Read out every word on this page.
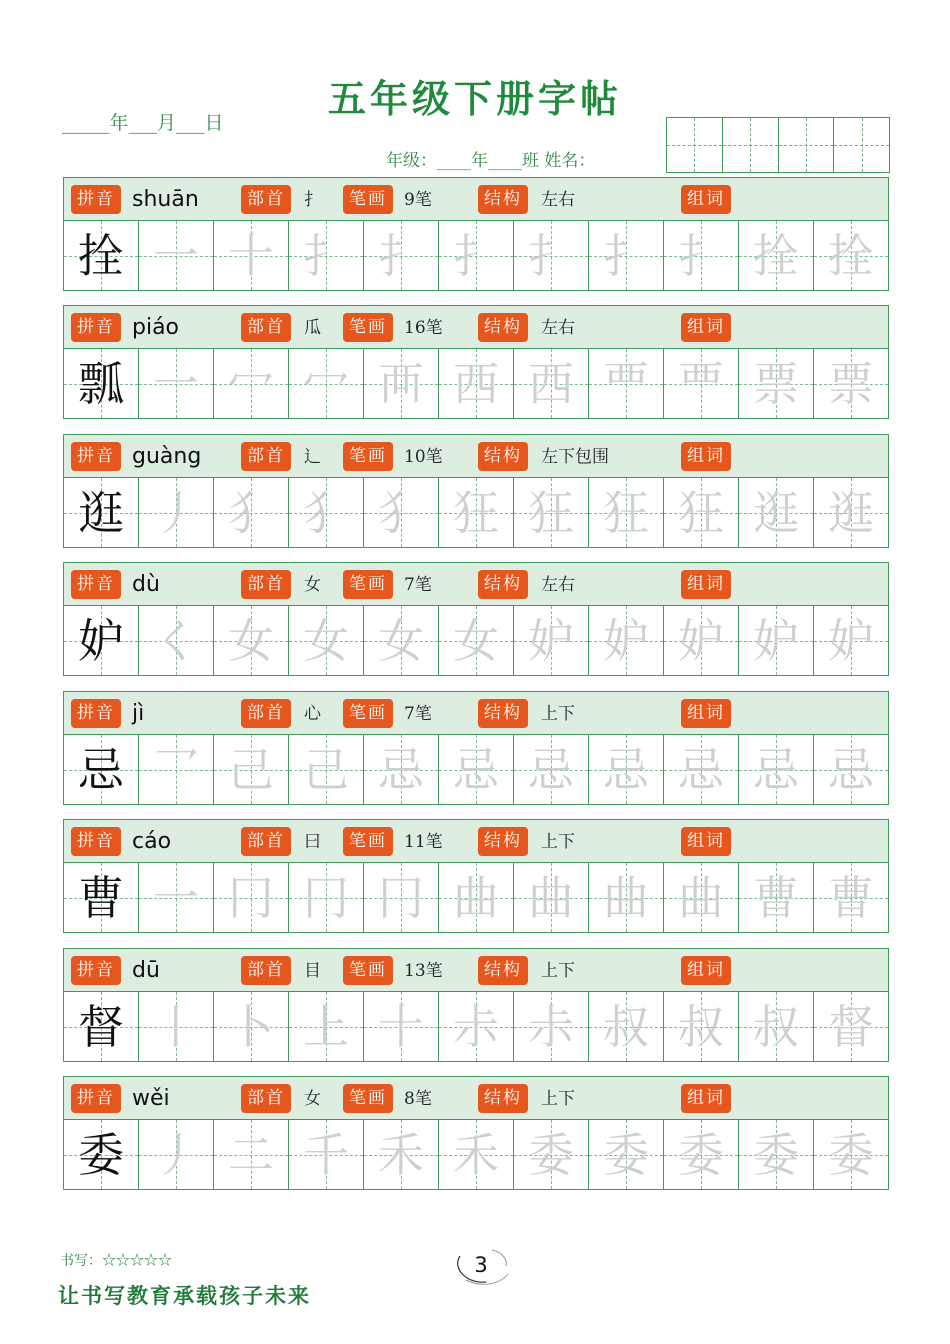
五年级下册字帖
_____年___月___日
年级：____年____班 姓名：
拼音 shuān	部首	扌	笔画	9笔	结构	左右	组词
拴 一 十 扌 扌 扌 扌 扌 扌 拴 拴
拼音 piáo	部首	瓜	笔画	16笔	结构	左右	组词
瓢 一 冖 冖 襾 西 西 覀 覀 票 票
拼音 guàng	部首	辶	笔画	10笔	结构	左下包围	组词
逛 丿 犭 犭 犭 狂 狂 狂 狂 逛 逛
拼音 dù	部首	女	笔画	7笔	结构	左右	组词
妒 く 女 女 女 女 妒 妒 妒 妒 妒
拼音 jì	部首	心	笔画	7笔	结构	上下	组词
忌 乛 己 己 忌 忌 忌 忌 忌 忌 忌
拼音 cáo	部首	曰	笔画	11笔	结构	上下	组词
曹 一 冂 冂 冂 曲 曲 曲 曲 曹 曹
拼音 dū	部首	目	笔画	13笔	结构	上下	组词
督 丨 卜 上 十 尗 尗 叔 叔 叔 督
拼音 wěi	部首	女	笔画	8笔	结构	上下	组词
委 丿 二 千 禾 禾 委 委 委 委 委
书写：☆☆☆☆☆	3
让书写教育承载孩子未来
